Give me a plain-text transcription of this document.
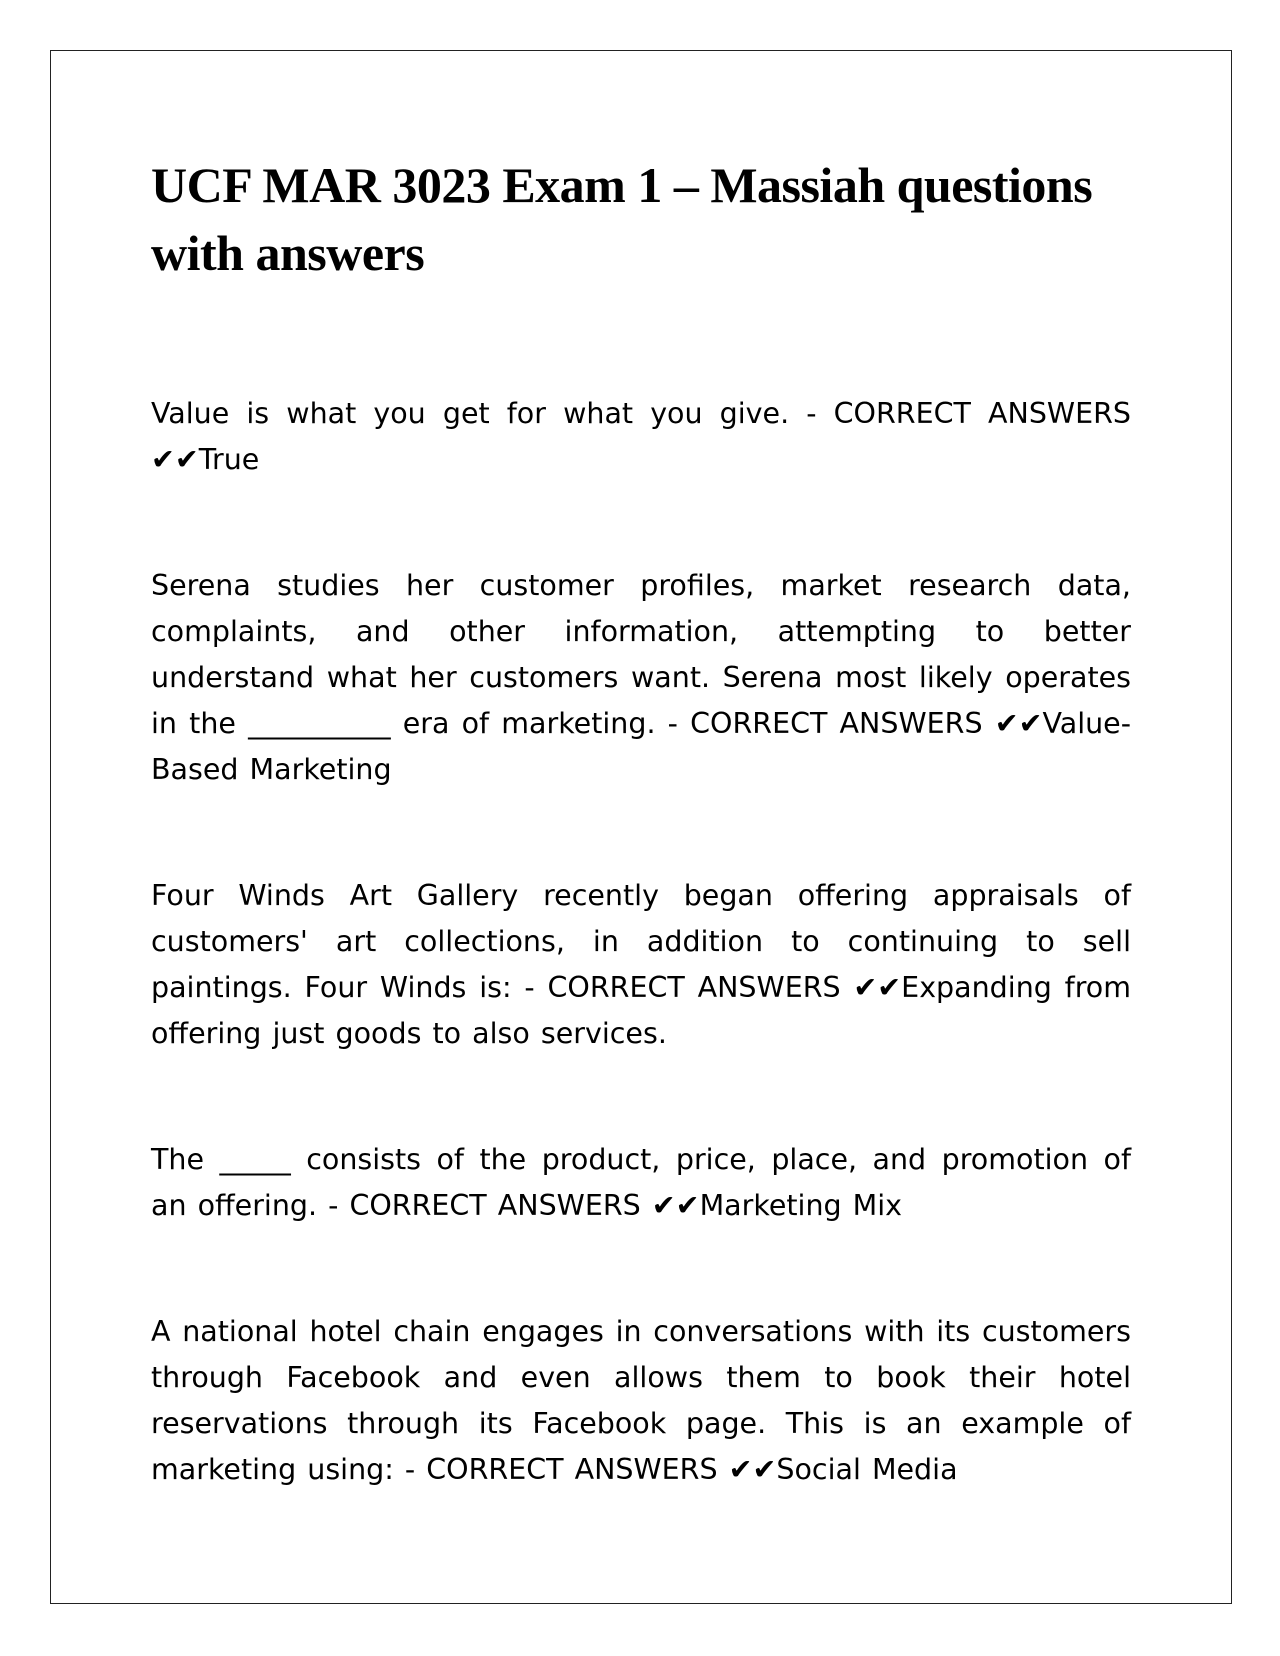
UCF MAR 3023 Exam 1 – Massiah questions with answers

Value is what you get for what you give. - CORRECT ANSWERS ✔✔True

Serena studies her customer profiles, market research data, complaints, and other information, attempting to better understand what her customers want. Serena most likely operates in the __________ era of marketing. - CORRECT ANSWERS ✔✔Value-Based Marketing

Four Winds Art Gallery recently began offering appraisals of customers' art collections, in addition to continuing to sell paintings. Four Winds is: - CORRECT ANSWERS ✔✔Expanding from offering just goods to also services.

The _____ consists of the product, price, place, and promotion of an offering. - CORRECT ANSWERS ✔✔Marketing Mix

A national hotel chain engages in conversations with its customers through Facebook and even allows them to book their hotel reservations through its Facebook page. This is an example of marketing using: - CORRECT ANSWERS ✔✔Social Media
